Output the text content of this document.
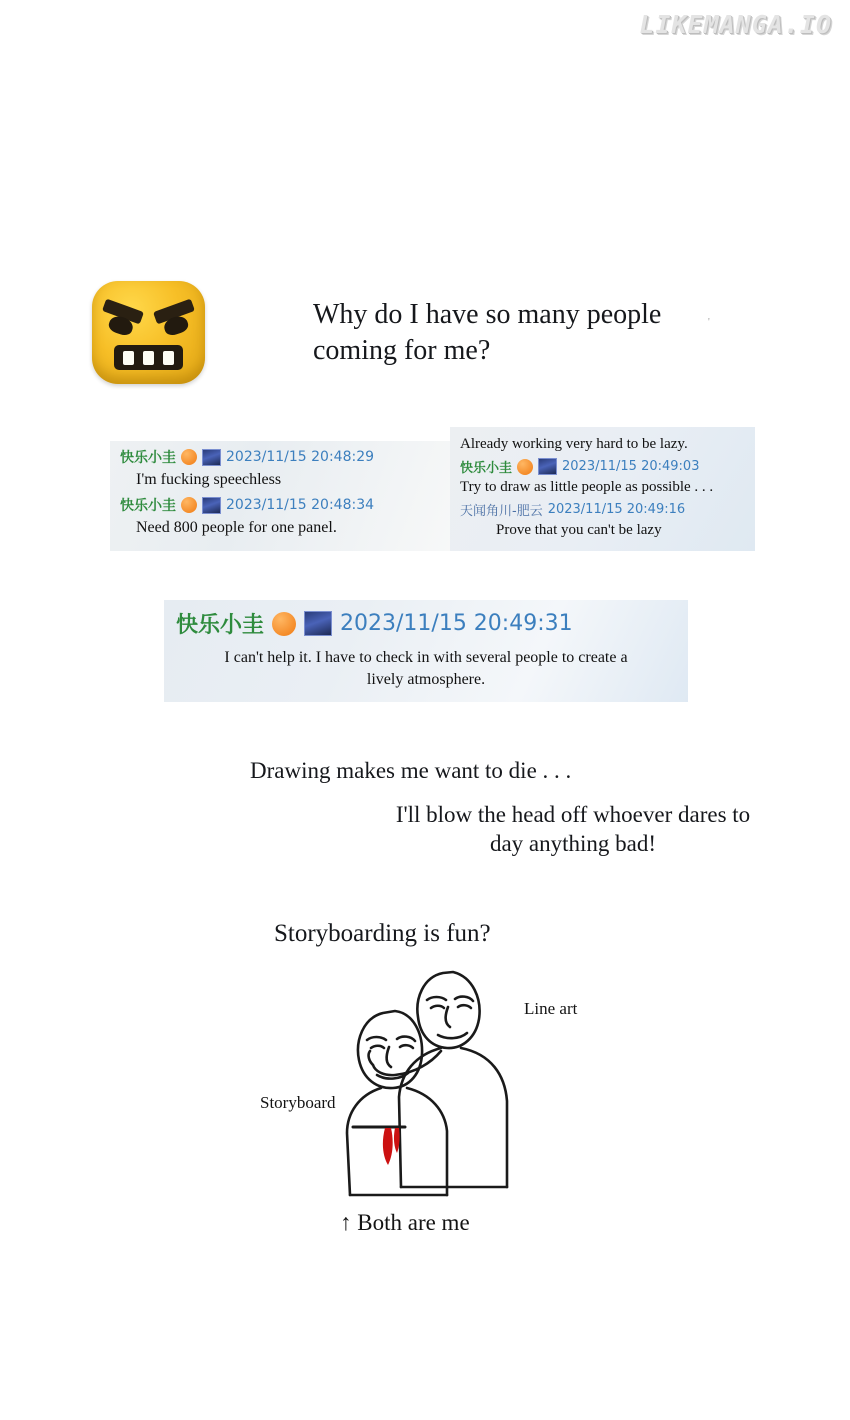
LIKEMANGA.IO
Why do I have so many people coming for me?
'
快乐小圭	2023/11/15 20:48:29
I'm fucking speechless
快乐小圭	2023/11/15 20:48:34
Need 800 people for one panel.
Already working very hard to be lazy.
快乐小圭	2023/11/15 20:49:03
Try to draw as little people as possible . . .
天闻角川-肥云 2023/11/15 20:49:16
Prove that you can't be lazy
快乐小圭	2023/11/15 20:49:31
I can't help it. I have to check in with several people to create a lively atmosphere.
Drawing makes me want to die . . .
I'll blow the head off whoever dares to day anything bad!
Storyboarding is fun?
Line art
Storyboard
↑ Both are me
